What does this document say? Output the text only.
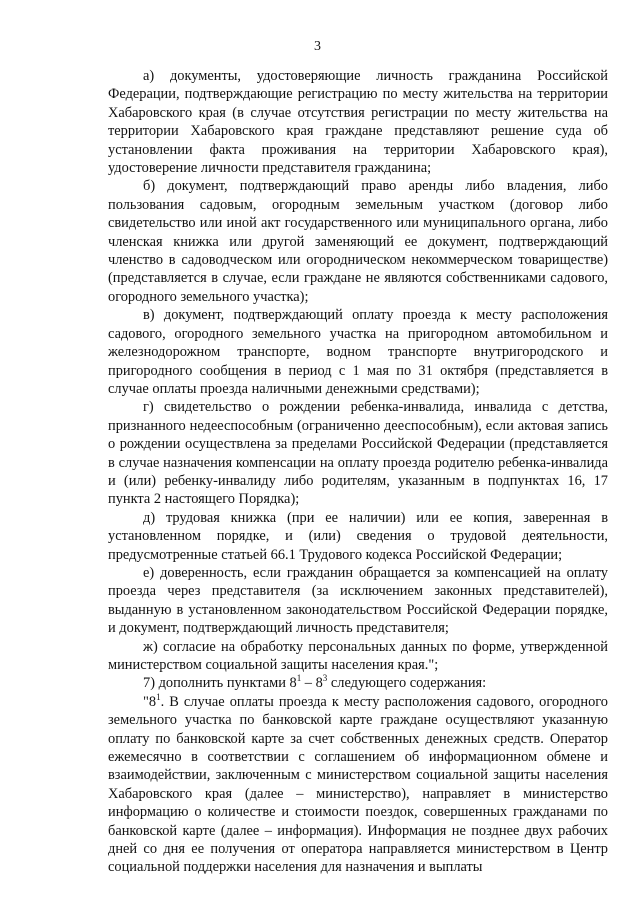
3

а) документы, удостоверяющие личность гражданина Российской Федерации, подтверждающие регистрацию по месту жительства на территории Хабаровского края (в случае отсутствия регистрации по месту жительства на территории Хабаровского края граждане представляют решение суда об установлении факта проживания на территории Хабаровского края), удостоверение личности представителя гражданина;

б) документ, подтверждающий право аренды либо владения, либо пользования садовым, огородным земельным участком (договор либо свидетельство или иной акт государственного или муниципального органа, либо членская книжка или другой заменяющий ее документ, подтверждающий членство в садоводческом или огородническом некоммерческом товариществе) (представляется в случае, если граждане не являются собственниками садового, огородного земельного участка);

в) документ, подтверждающий оплату проезда к месту расположения садового, огородного земельного участка на пригородном автомобильном и железнодорожном транспорте, водном транспорте внутригородского и пригородного сообщения в период с 1 мая по 31 октября (представляется в случае оплаты проезда наличными денежными средствами);

г) свидетельство о рождении ребенка-инвалида, инвалида с детства, признанного недееспособным (ограниченно дееспособным), если актовая запись о рождении осуществлена за пределами Российской Федерации (представляется в случае назначения компенсации на оплату проезда родителю ребенка-инвалида и (или) ребенку-инвалиду либо родителям, указанным в подпунктах 16, 17 пункта 2 настоящего Порядка);

д) трудовая книжка (при ее наличии) или ее копия, заверенная в установленном порядке, и (или) сведения о трудовой деятельности, предусмотренные статьей 66.1 Трудового кодекса Российской Федерации;

е) доверенность, если гражданин обращается за компенсацией на оплату проезда через представителя (за исключением законных представителей), выданную в установленном законодательством Российской Федерации порядке, и документ, подтверждающий личность представителя;

ж) согласие на обработку персональных данных по форме, утвержденной министерством социальной защиты населения края.";

7) дополнить пунктами $8^1 - 8^3$ следующего содержания:

"$8^1$. В случае оплаты проезда к месту расположения садового, огородного земельного участка по банковской карте граждане осуществляют указанную оплату по банковской карте за счет собственных денежных средств. Оператор ежемесячно в соответствии с соглашением об информационном обмене и взаимодействии, заключенным с министерством социальной защиты населения Хабаровского края (далее – министерство), направляет в министерство информацию о количестве и стоимости поездок, совершенных гражданами по банковской карте (далее – информация). Информация не позднее двух рабочих дней со дня ее получения от оператора направляется министерством в Центр социальной поддержки населения для назначения и выплаты
